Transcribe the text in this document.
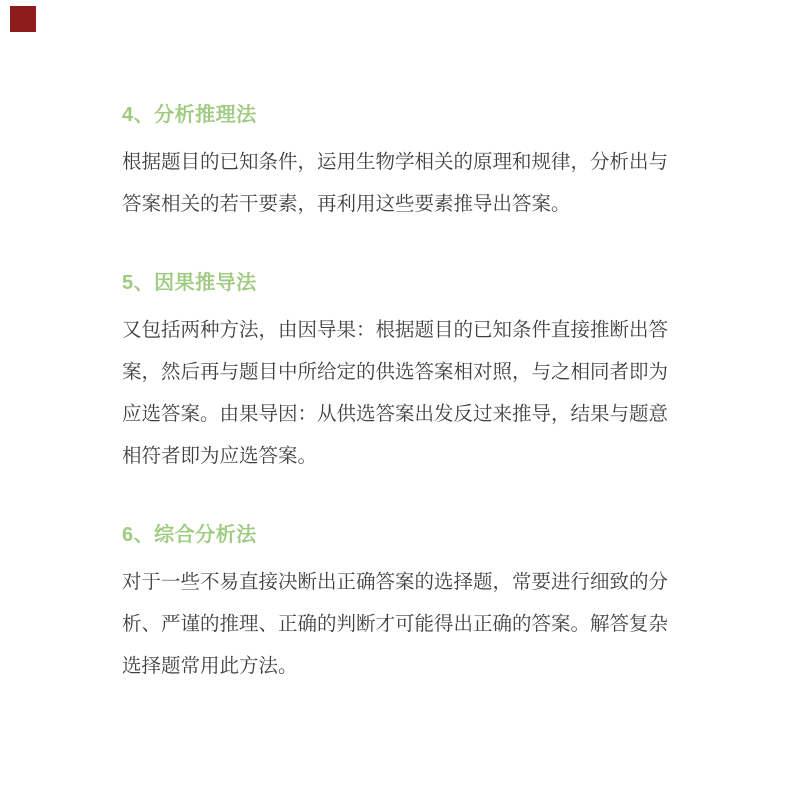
4、分析推理法

根据题目的已知条件，运用生物学相关的原理和规律，分析出与答案相关的若干要素，再利用这些要素推导出答案。

5、因果推导法

又包括两种方法，由因导果：根据题目的已知条件直接推断出答案，然后再与题目中所给定的供选答案相对照，与之相同者即为应选答案。由果导因：从供选答案出发反过来推导，结果与题意相符者即为应选答案。

6、综合分析法

对于一些不易直接决断出正确答案的选择题，常要进行细致的分析、严谨的推理、正确的判断才可能得出正确的答案。解答复杂选择题常用此方法。
